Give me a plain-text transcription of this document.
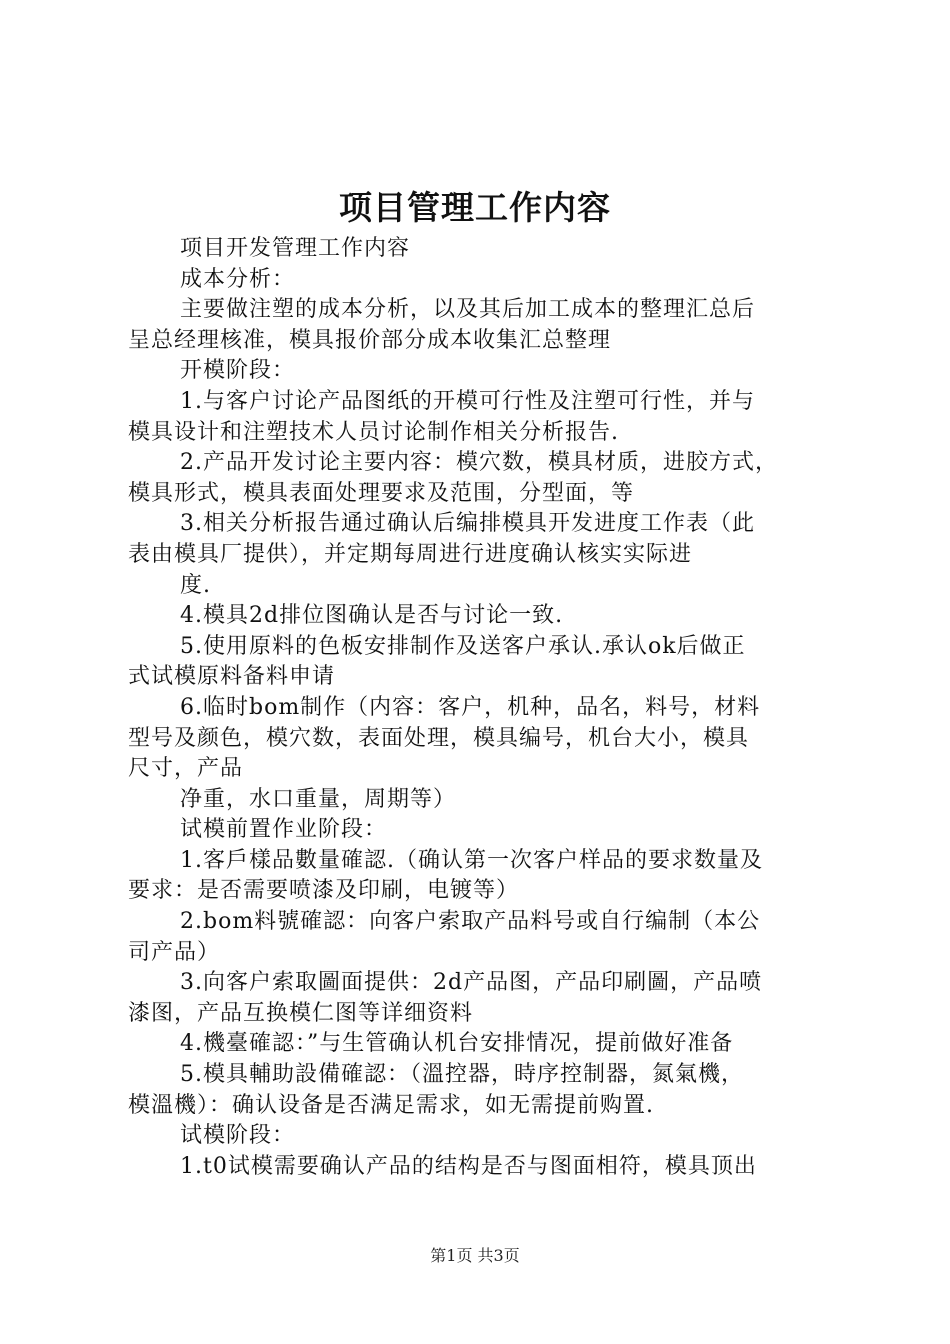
项目管理工作内容
项目开发管理工作内容
成本分析：
主要做注塑的成本分析，以及其后加工成本的整理汇总后
呈总经理核准，模具报价部分成本收集汇总整理
开模阶段：
1.与客户讨论产品图纸的开模可行性及注塑可行性，并与
模具设计和注塑技术人员讨论制作相关分析报告.
2.产品开发讨论主要内容：模穴数，模具材质，进胶方式，
模具形式，模具表面处理要求及范围，分型面，等
3.相关分析报告通过确认后编排模具开发进度工作表（此
表由模具厂提供），并定期每周进行进度确认核实实际进
度.
4.模具2d排位图确认是否与讨论一致.
5.使用原料的色板安排制作及送客户承认.承认ok后做正
式试模原料备料申请
6.临时bom制作（内容：客户，机种，品名，料号，材料
型号及颜色，模穴数，表面处理，模具编号，机台大小，模具
尺寸，产品
净重，水口重量，周期等）
试模前置作业阶段：
1.客戶樣品數量確認.（确认第一次客户样品的要求数量及
要求：是否需要喷漆及印刷，电镀等）
2.bom料號確認：向客户索取产品料号或自行编制（本公
司产品）
3.向客户索取圖面提供：2d产品图，产品印刷圖，产品喷
漆图，产品互换模仁图等详细资料
4.機臺確認：”与生管确认机台安排情况，提前做好准备
5.模具輔助設備確認：（溫控器，時序控制器，氮氣機，
模溫機）：确认设备是否满足需求，如无需提前购置.
试模阶段：
1.t0试模需要确认产品的结构是否与图面相符，模具顶出
第1页 共3页
